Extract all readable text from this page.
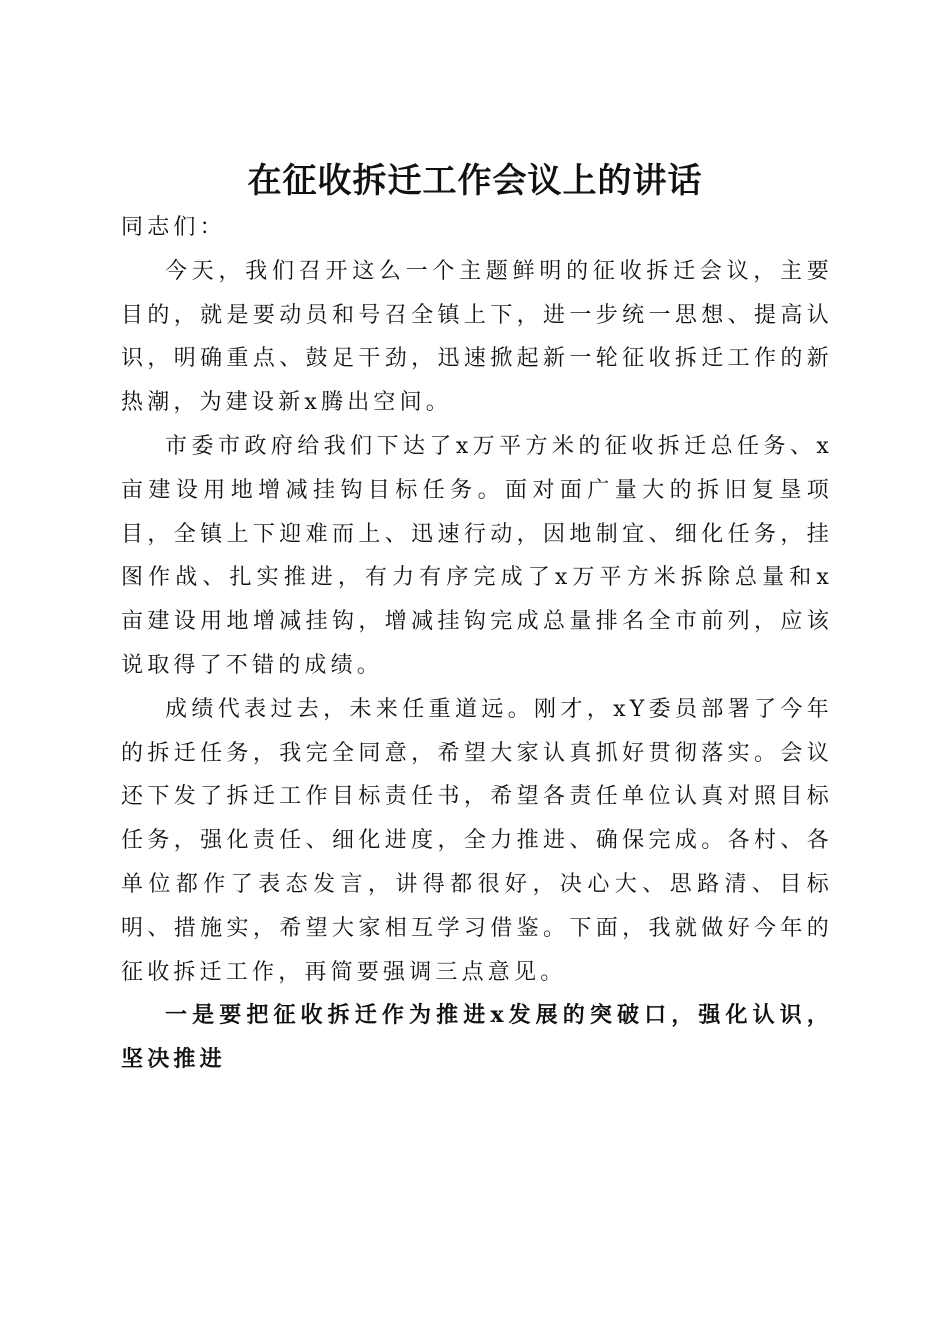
在征收拆迁工作会议上的讲话

同志们：

今天，我们召开这么一个主题鲜明的征收拆迁会议，主要目的，就是要动员和号召全镇上下，进一步统一思想、提高认识，明确重点、鼓足干劲，迅速掀起新一轮征收拆迁工作的新热潮，为建设新x腾出空间。

市委市政府给我们下达了x万平方米的征收拆迁总任务、x亩建设用地增减挂钩目标任务。面对面广量大的拆旧复垦项目，全镇上下迎难而上、迅速行动，因地制宜、细化任务，挂图作战、扎实推进，有力有序完成了x万平方米拆除总量和x亩建设用地增减挂钩，增减挂钩完成总量排名全市前列，应该说取得了不错的成绩。

成绩代表过去，未来任重道远。刚才，xY委员部署了今年的拆迁任务，我完全同意，希望大家认真抓好贯彻落实。会议还下发了拆迁工作目标责任书，希望各责任单位认真对照目标任务，强化责任、细化进度，全力推进、确保完成。各村、各单位都作了表态发言，讲得都很好，决心大、思路清、目标明、措施实，希望大家相互学习借鉴。下面，我就做好今年的征收拆迁工作，再简要强调三点意见。

一是要把征收拆迁作为推进x发展的突破口，强化认识，坚决推进
